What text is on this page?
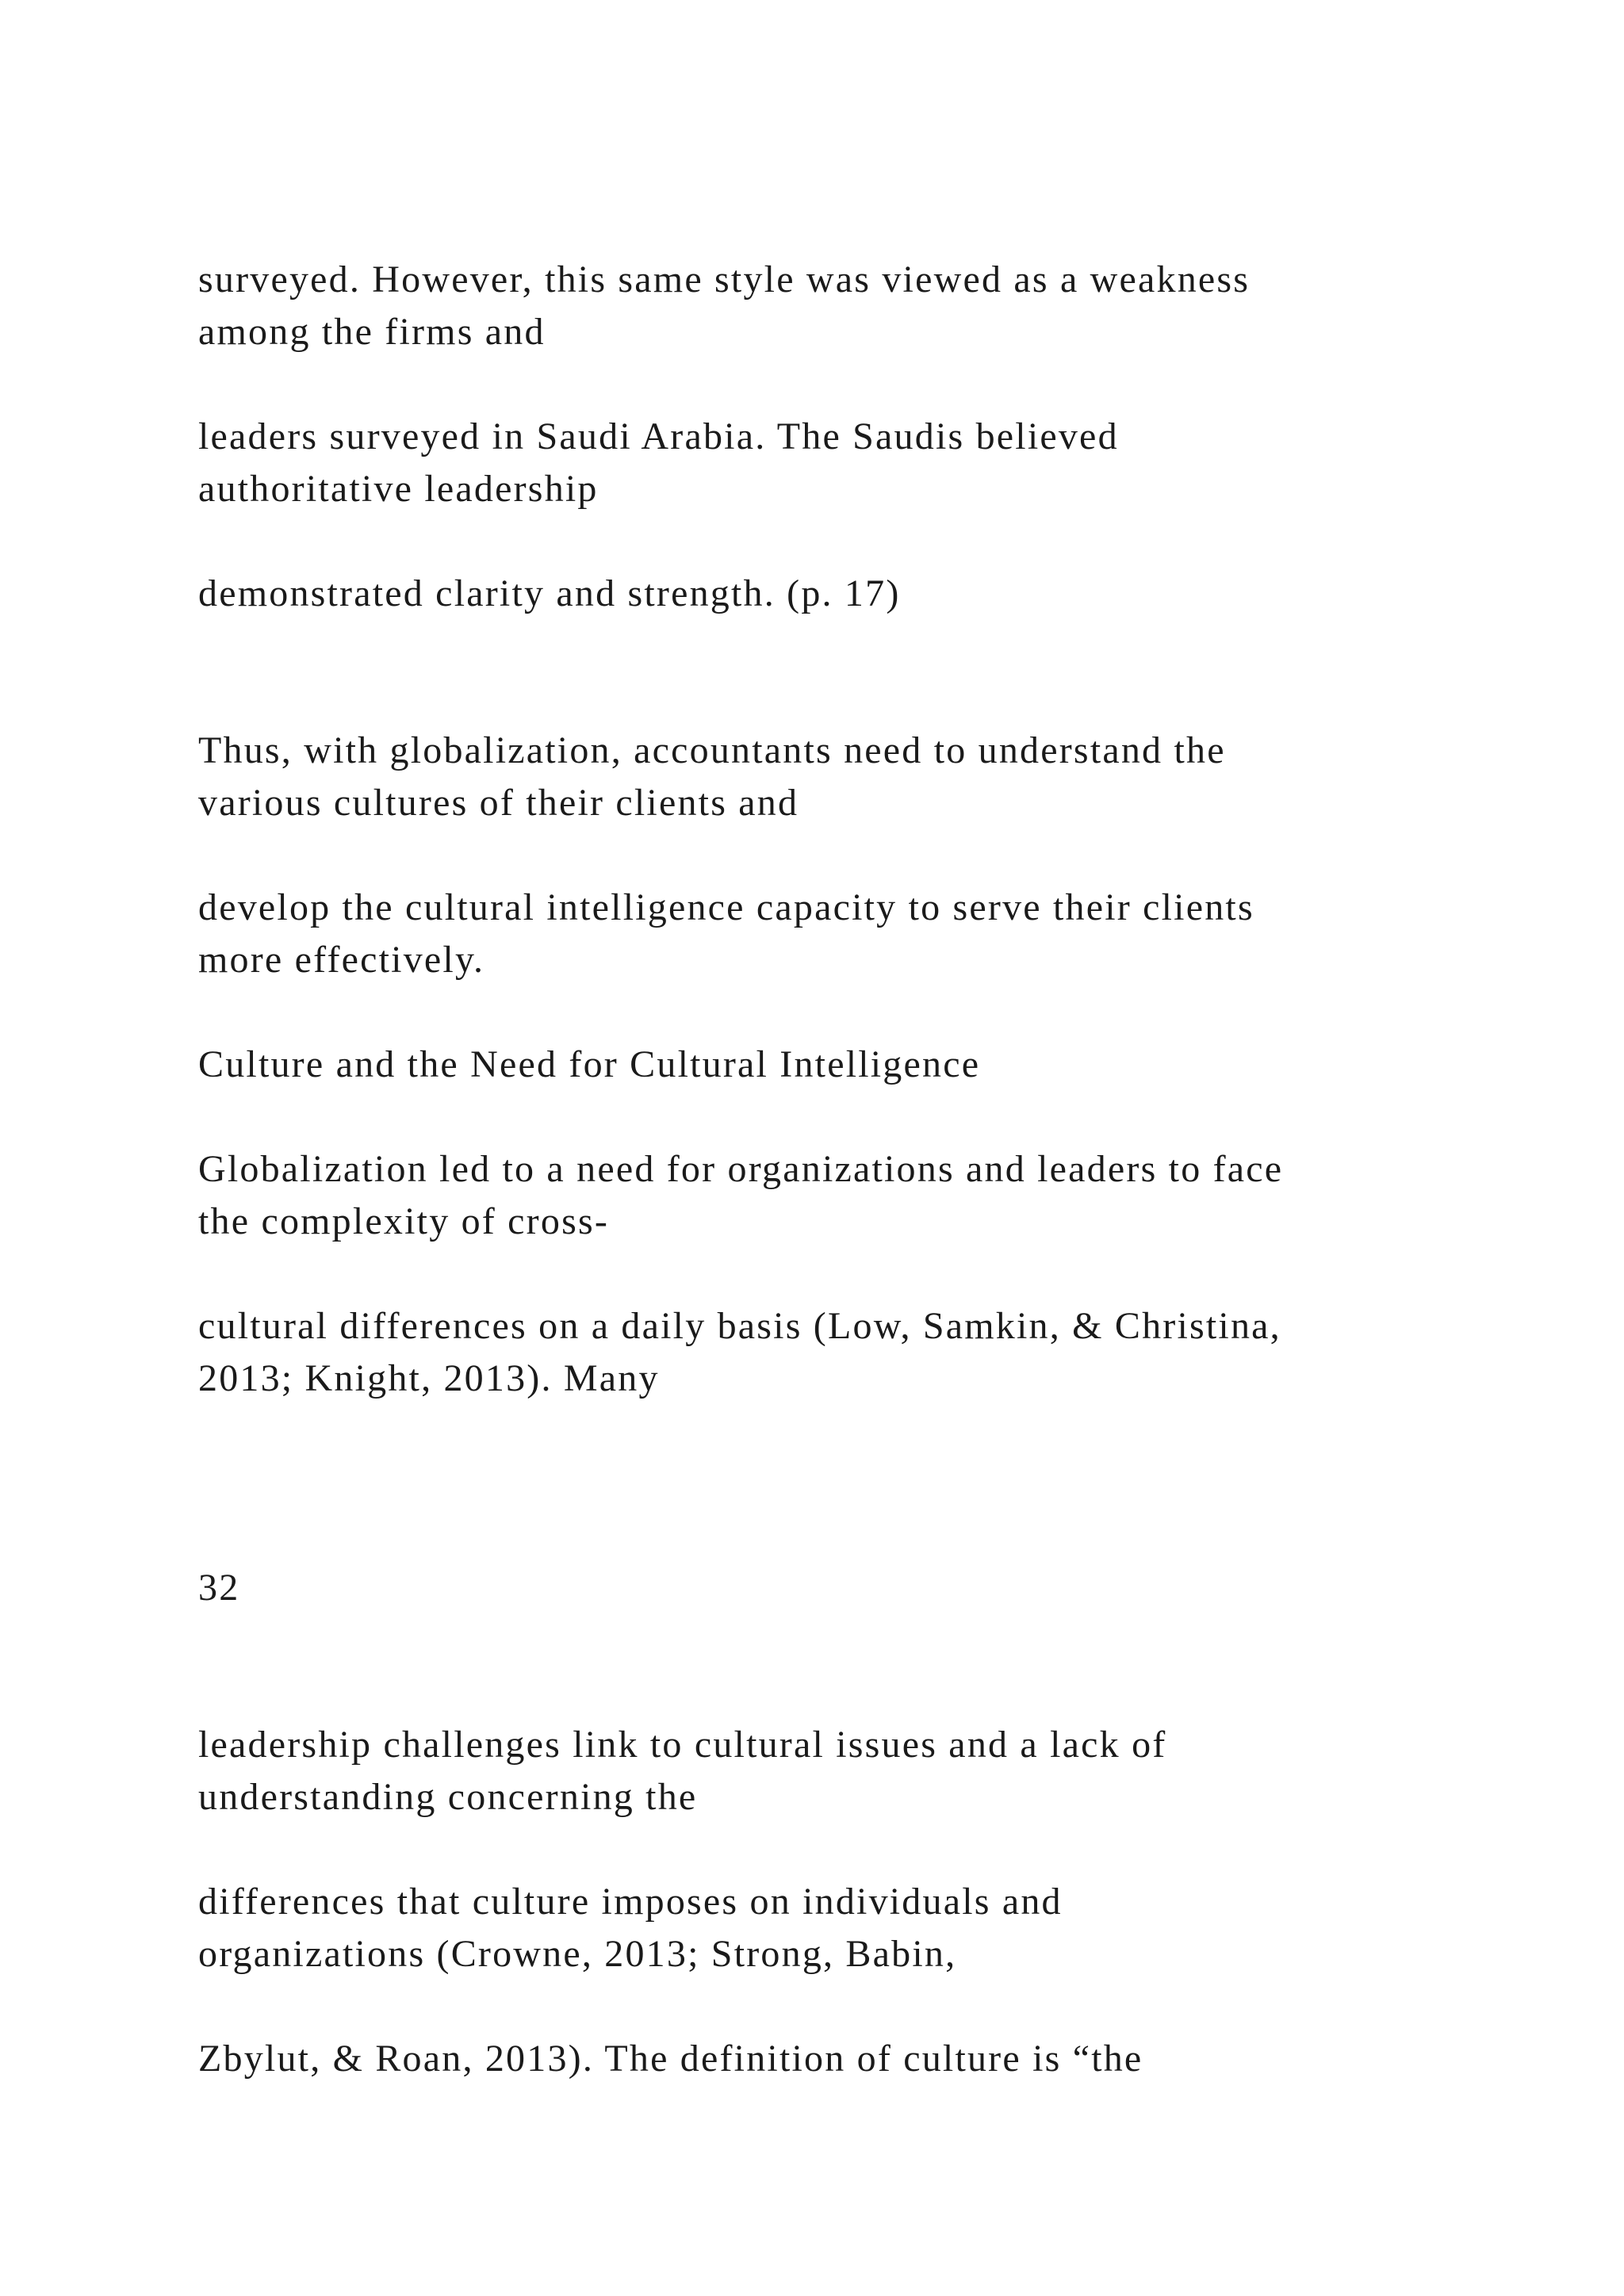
surveyed. However, this same style was viewed as a weakness

among the firms and

leaders surveyed in Saudi Arabia. The Saudis believed

authoritative leadership

demonstrated clarity and strength. (p. 17)

Thus, with globalization, accountants need to understand the

various cultures of their clients and

develop the cultural intelligence capacity to serve their clients

more effectively.

Culture and the Need for Cultural Intelligence

Globalization led to a need for organizations and leaders to face

the complexity of cross-

cultural differences on a daily basis (Low, Samkin, & Christina,

2013; Knight, 2013). Many

32

leadership challenges link to cultural issues and a lack of

understanding concerning the

differences that culture imposes on individuals and

organizations (Crowne, 2013; Strong, Babin,

Zbylut, & Roan, 2013). The definition of culture is “the
